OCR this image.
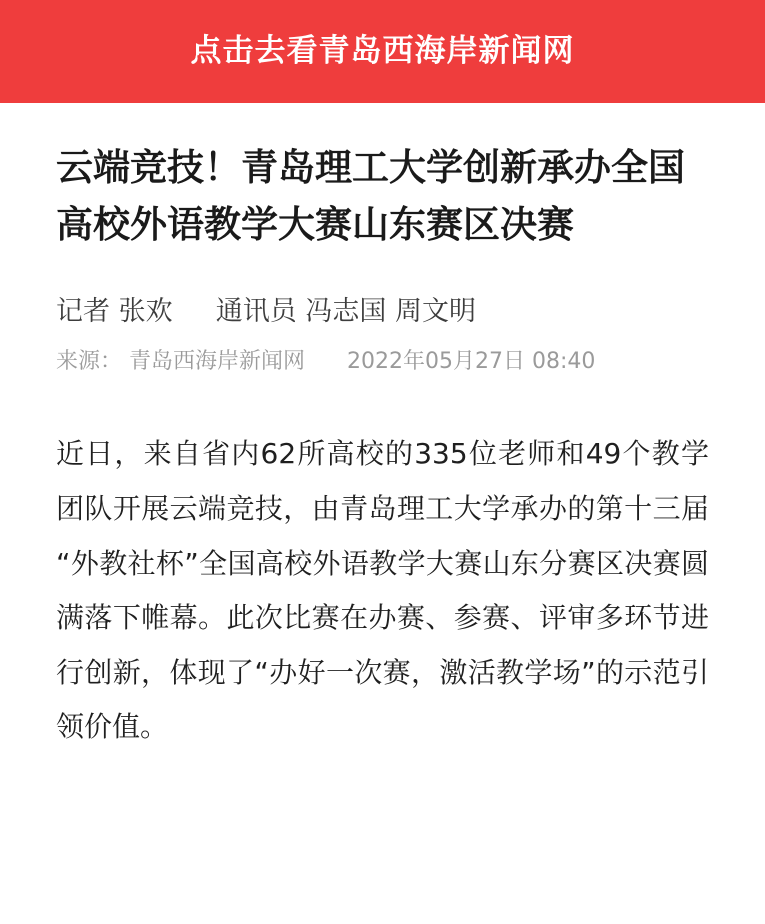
点击去看青岛西海岸新闻网
云端竞技！青岛理工大学创新承办全国高校外语教学大赛山东赛区决赛
记者 张欢 通讯员 冯志国 周文明
来源： 青岛西海岸新闻网 2022年05月27日 08:40

近日，来自省内62所高校的335位老师和49个教学团队开展云端竞技，由青岛理工大学承办的第十三届“外教社杯”全国高校外语教学大赛山东分赛区决赛圆满落下帷幕。此次比赛在办赛、参赛、评审多环节进行创新，体现了“办好一次赛，激活教学场”的示范引领价值。
